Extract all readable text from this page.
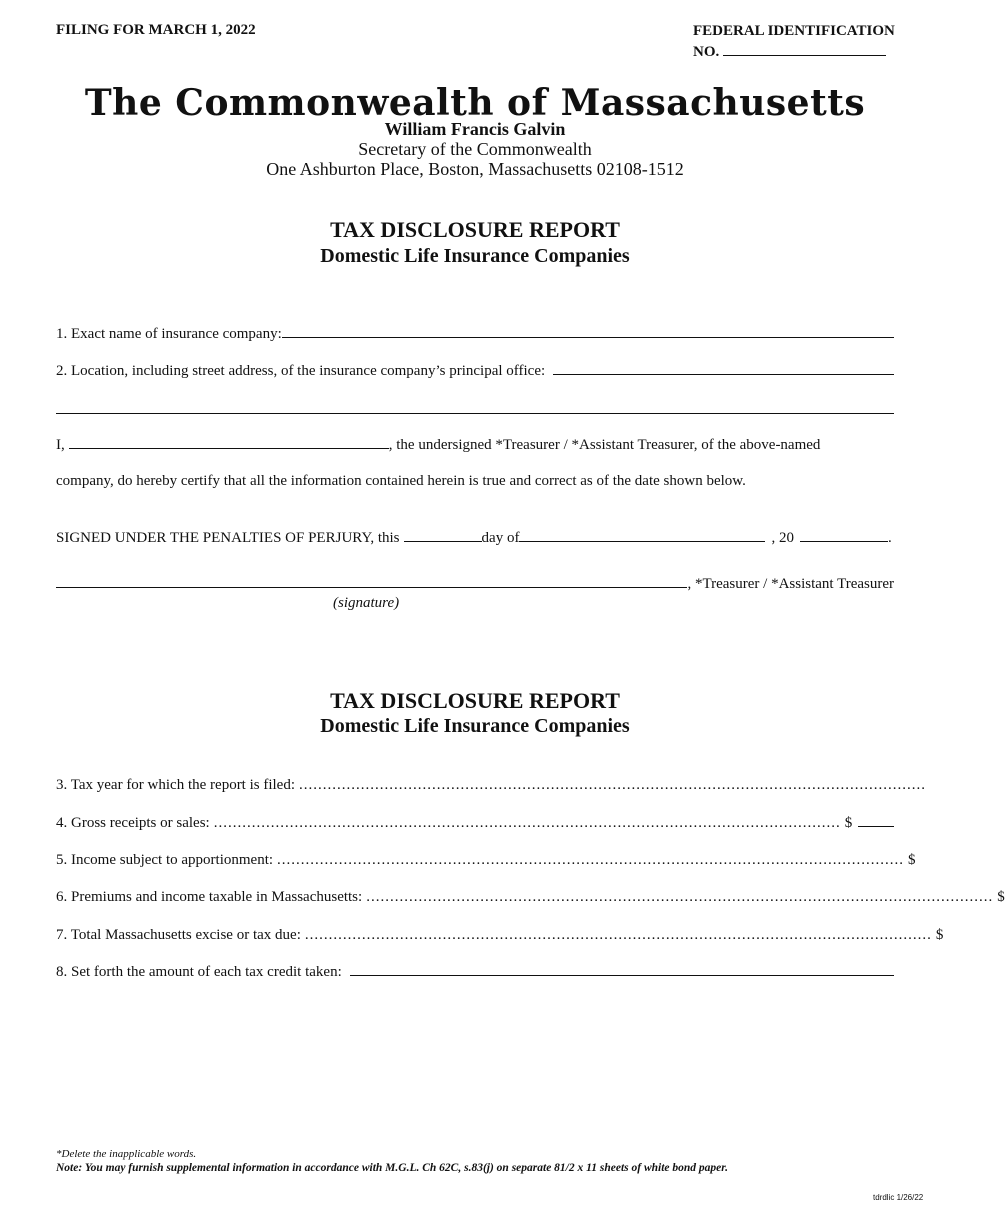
FILING FOR MARCH 1, 2022	FEDERAL IDENTIFICATION
NO.
The Commonwealth of Massachusetts
William Francis Galvin
Secretary of the Commonwealth
One Ashburton Place, Boston, Massachusetts 02108-1512
TAX DISCLOSURE REPORT
Domestic Life Insurance Companies
1. Exact name of insurance company:
2. Location, including street address, of the insurance company’s principal office:
I,	, the undersigned *Treasurer / *Assistant Treasurer, of the above-named
company, do hereby certify that all the information contained herein is true and correct as of the date shown below.
SIGNED UNDER THE PENALTIES OF PERJURY, this	day of	, 20	.
, *Treasurer / *Assistant Treasurer
(signature)
TAX DISCLOSURE REPORT
Domestic Life Insurance Companies
3. Tax year for which the report is filed: ....................................................................................................................................
4. Gross receipts or sales: .................................................................................................................................... $
5. Income subject to apportionment: .................................................................................................................................... $
6. Premiums and income taxable in Massachusetts: .................................................................................................................................... $
7. Total Massachusetts excise or tax due: .................................................................................................................................... $
8. Set forth the amount of each tax credit taken:
*Delete the inapplicable words.
Note: You may furnish supplemental information in accordance with M.G.L. Ch 62C, s.83(j) on separate 81/2 x 11 sheets of white bond paper.
tdrdlic 1/26/22
